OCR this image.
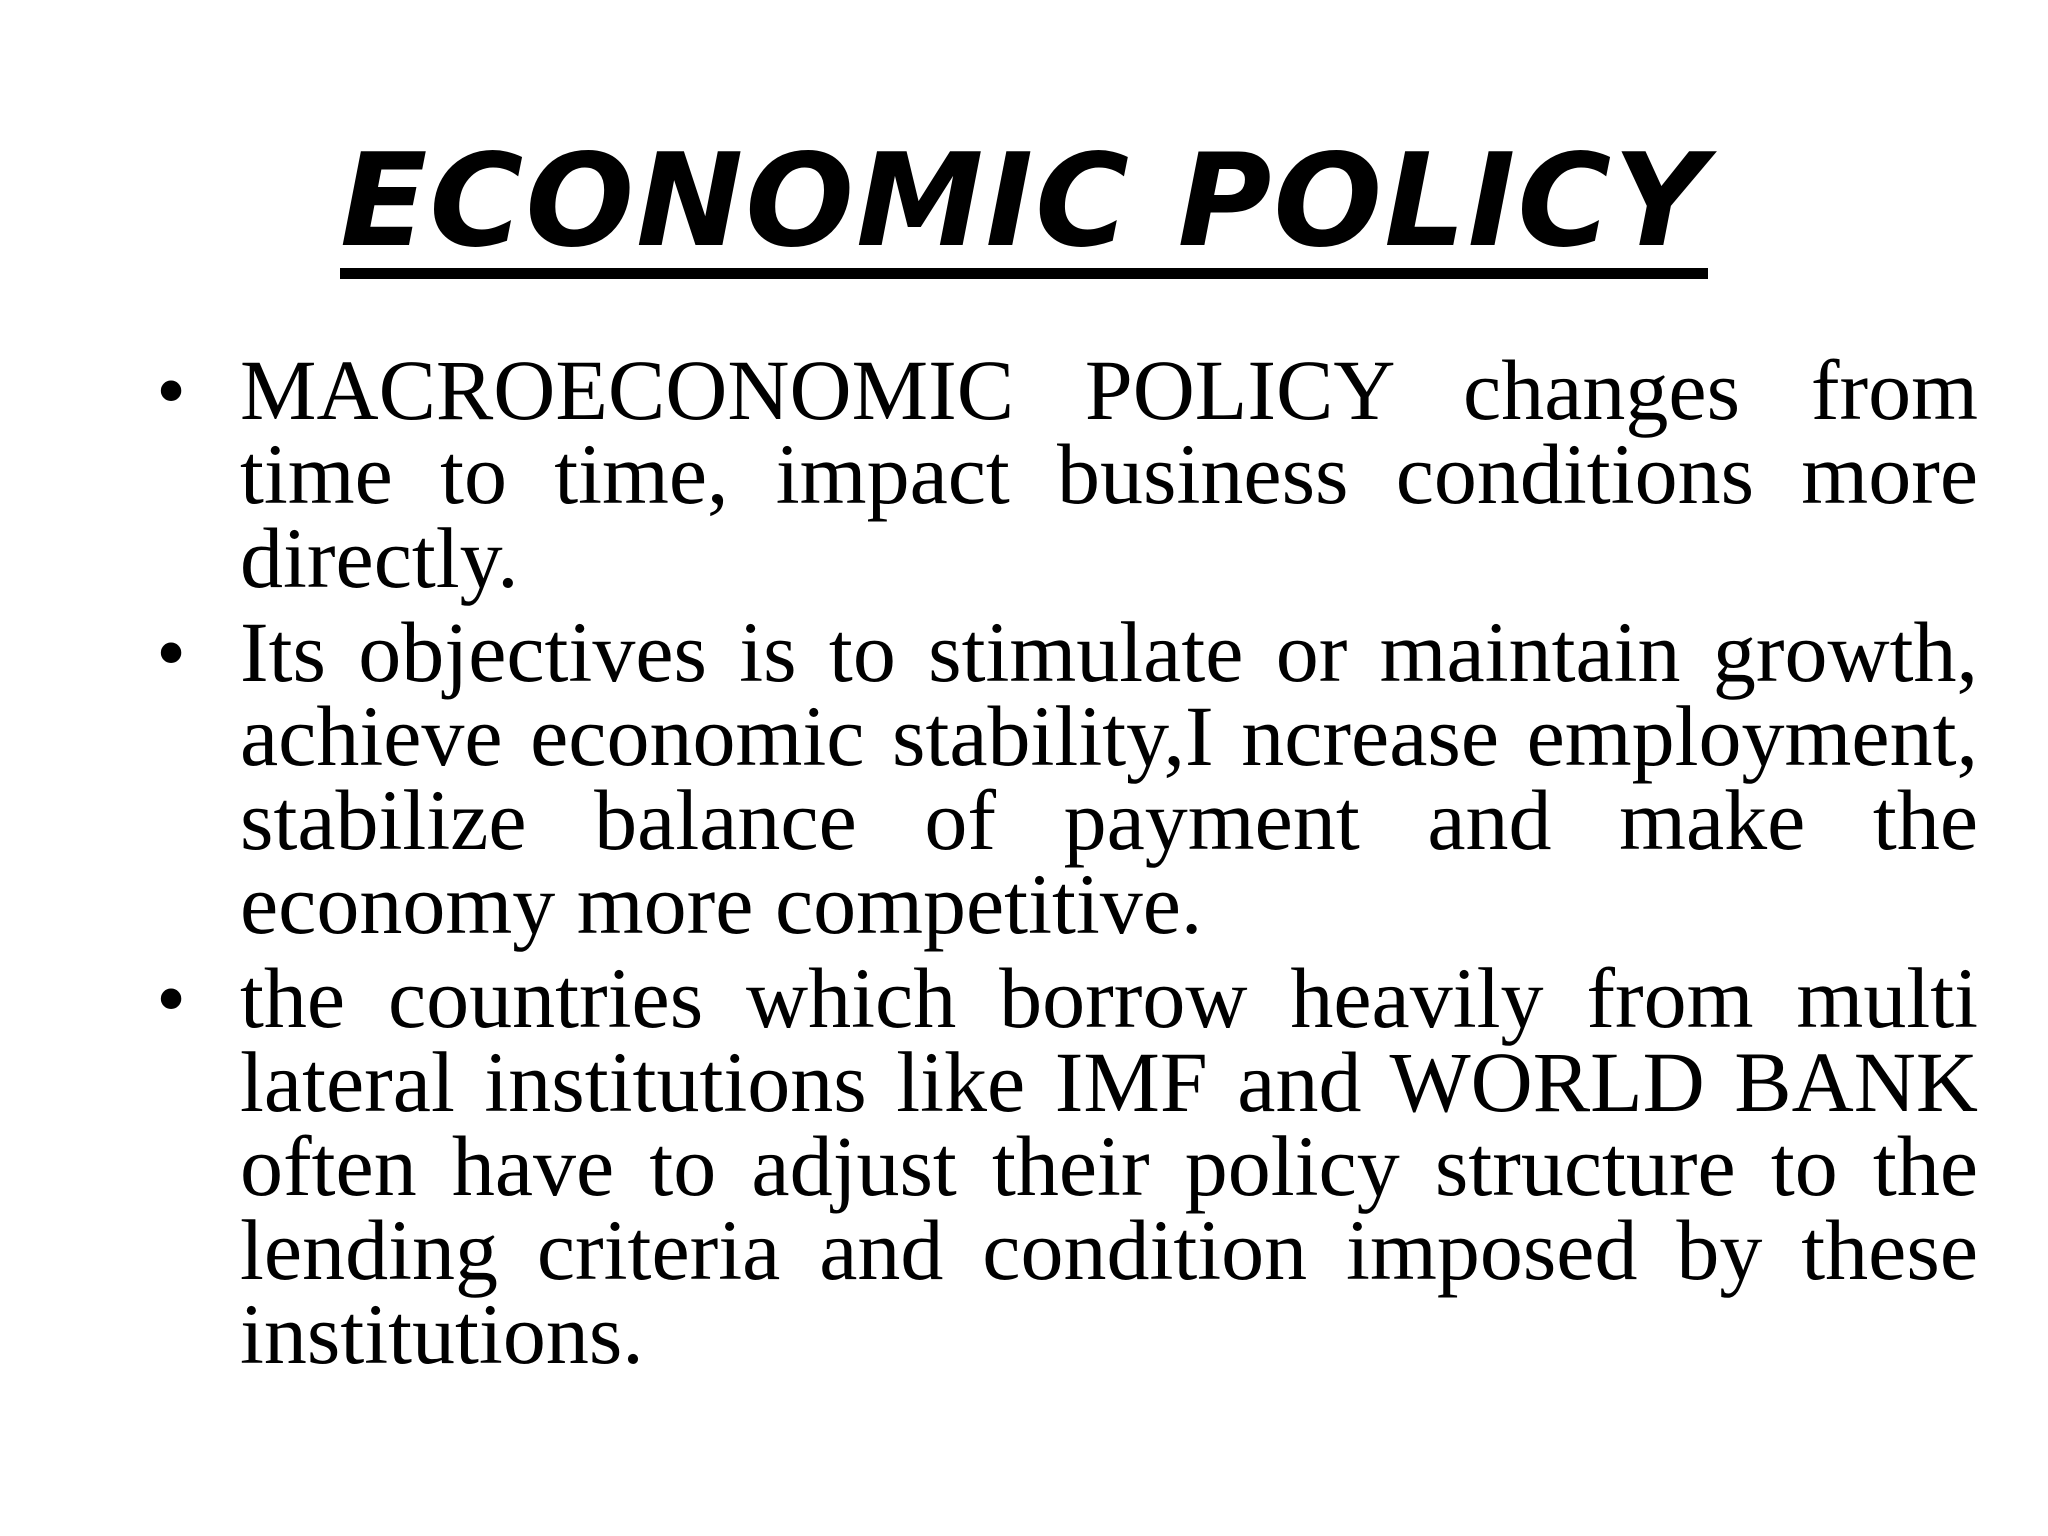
ECONOMIC POLICY
• MACROECONOMIC POLICY changes from time to time, impact business conditions more directly.
• Its objectives is to stimulate or maintain growth, achieve economic stability,I ncrease employment, stabilize balance of payment and make the economy more competitive.
• the countries which borrow heavily from multi lateral institutions like IMF and WORLD BANK often have to adjust their policy structure to the lending criteria and condition imposed by these institutions.
